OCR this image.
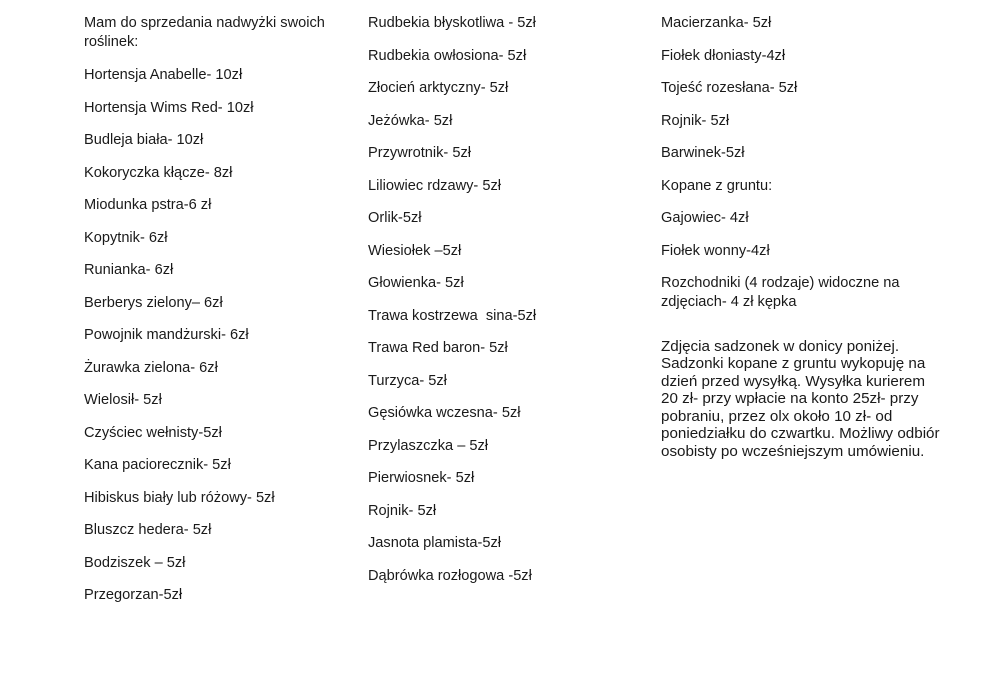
Mam do sprzedania nadwyżki swoich roślinek:

Hortensja Anabelle- 10zł

Hortensja Wims Red- 10zł

Budleja biała- 10zł

Kokoryczka kłącze- 8zł

Miodunka pstra-6 zł

Kopytnik- 6zł

Runianka- 6zł

Berberys zielony– 6zł

Powojnik mandżurski- 6zł

Żurawka zielona- 6zł

Wielosił- 5zł

Czyściec wełnisty-5zł

Kana paciorecznik- 5zł

Hibiskus biały lub różowy- 5zł

Bluszcz hedera- 5zł

Bodziszek – 5zł

Przegorzan-5zł

Rudbekia błyskotliwa - 5zł

Rudbekia owłosiona- 5zł

Złocień arktyczny- 5zł

Jeżówka- 5zł

Przywrotnik- 5zł

Liliowiec rdzawy- 5zł

Orlik-5zł

Wiesiołek –5zł

Głowienka- 5zł

Trawa kostrzewa  sina-5zł

Trawa Red baron- 5zł

Turzyca- 5zł

Gęsiówka wczesna- 5zł

Przylaszczka – 5zł

Pierwiosnek- 5zł

Rojnik- 5zł

Jasnota plamista-5zł

Dąbrówka rozłogowa -5zł

Macierzanka- 5zł

Fiołek dłoniasty-4zł

Tojeść rozesłana- 5zł

Rojnik- 5zł

Barwinek-5zł

Kopane z gruntu:

Gajowiec- 4zł

Fiołek wonny-4zł

Rozchodniki (4 rodzaje) widoczne na zdjęciach- 4 zł kępka

Zdjęcia sadzonek w donicy poniżej. Sadzonki kopane z gruntu wykopuję na dzień przed wysyłką. Wysyłka kurierem 20 zł- przy wpłacie na konto 25zł- przy pobraniu, przez olx około 10 zł- od poniedziałku do czwartku. Możliwy odbiór osobisty po wcześniejszym umówieniu.
